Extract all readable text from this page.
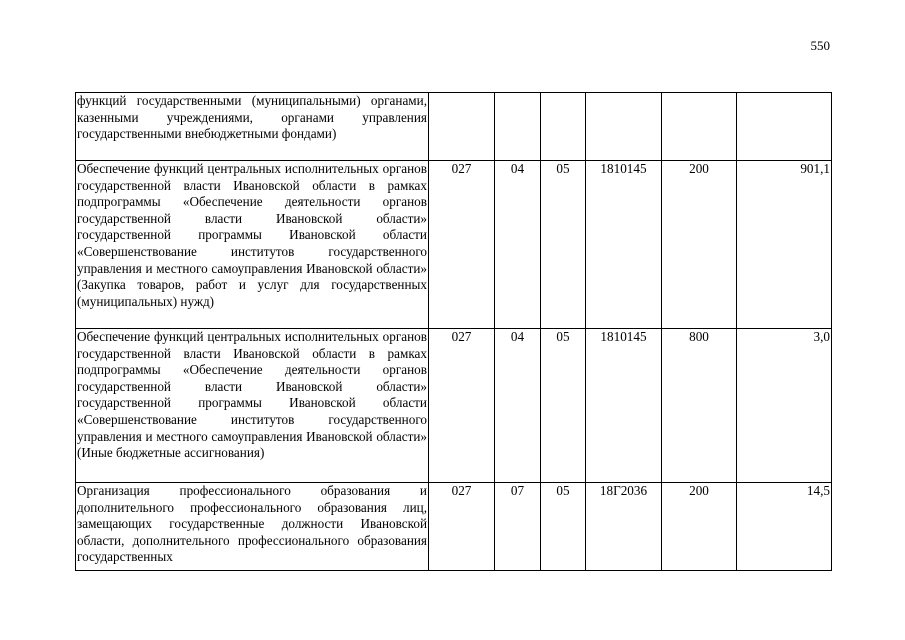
550
функций государственными (муниципальными) органами, казенными учреждениями, органами управления государственными внебюджетными фондами)						
Обеспечение функций центральных исполнительных органов государственной власти Ивановской области в рамках подпрограммы «Обеспечение деятельности органов государственной власти Ивановской области» государственной программы Ивановской области «Совершенствование институтов государственного управления и местного самоуправления Ивановской области» (Закупка товаров, работ и услуг для государственных (муниципальных) нужд)	027	04	05	1810145	200	901,1
Обеспечение функций центральных исполнительных органов государственной власти Ивановской области в рамках подпрограммы «Обеспечение деятельности органов государственной власти Ивановской области» государственной программы Ивановской области «Совершенствование институтов государственного управления и местного самоуправления Ивановской области» (Иные бюджетные ассигнования)	027	04	05	1810145	800	3,0
Организация профессионального образования и дополнительного профессионального образования лиц, замещающих государственные должности Ивановской области, дополнительного профессионального образования государственных	027	07	05	18Г2036	200	14,5
